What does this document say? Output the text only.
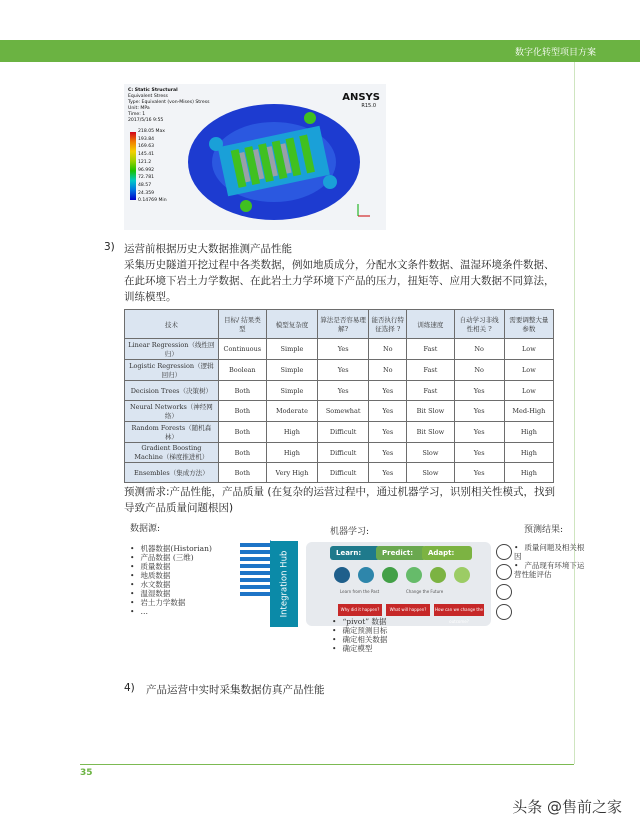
数字化转型项目方案
C: Static Structural
Equivalent Stress
Type: Equivalent (von-Mises) Stress
Unit: MPa
Time: 1
2017/5/16 9:55
218.05 Max
193.84
169.63
145.41
121.2
96.992
72.781
48.57
24.359
0.14769 Min
ANSYS
R15.0
3) 运营前根据历史大数据推测产品性能
采集历史隧道开挖过程中各类数据，例如地质成分，分配水文条件数据、温湿环境条件数据、在此环境下岩土力学数据、在此岩土力学环境下产品的压力，扭矩等、应用大数据不同算法，训练模型。
技术	目标/ 结果类型	模型复杂度	算法是否容易理解?	能否执行特征选择 ?	训练速度	自动学习非线性相关 ?	需要调整大量参数
Linear Regression（线性回归）	Continuous	Simple	Yes	No	Fast	No	Low
Logistic Regression（逻辑回归）	Boolean	Simple	Yes	No	Fast	No	Low
Decision Trees（决策树）	Both	Simple	Yes	Yes	Fast	Yes	Low
Neural Networks（神经网络）	Both	Moderate	Somewhat	Yes	Bit Slow	Yes	Med-High
Random Forests（随机森林）	Both	High	Difficult	Yes	Bit Slow	Yes	High
Gradient Boosting Machine（梯度推进机）	Both	High	Difficult	Yes	Slow	Yes	High
Ensembles（集成方法）	Both	Very High	Difficult	Yes	Slow	Yes	High
预测需求:产品性能，产品质量 (在复杂的运营过程中，通过机器学习，识别相关性模式，找到导致产品质量问题根因)
数据源:
• 机器数据(Historian)
• 产品数据 (三维)
• 质量数据
• 地质数据
• 水文数据
• 温湿数据
• 岩土力学数据
• …	Integration Hub
机器学习:
Learn:	Predict:	Adapt:
Learn from the Past	Change the Future
Why did it happen?	What will happen?	How can we change the outcome?
• “pivot” 数据
• 确定预测目标
• 确定相关数据
• 确定模型
预测结果:
• 质量问题及相关根因
• 产品现有环境下运营性能评估
4) 产品运营中实时采集数据仿真产品性能
35
头条 @售前之家
